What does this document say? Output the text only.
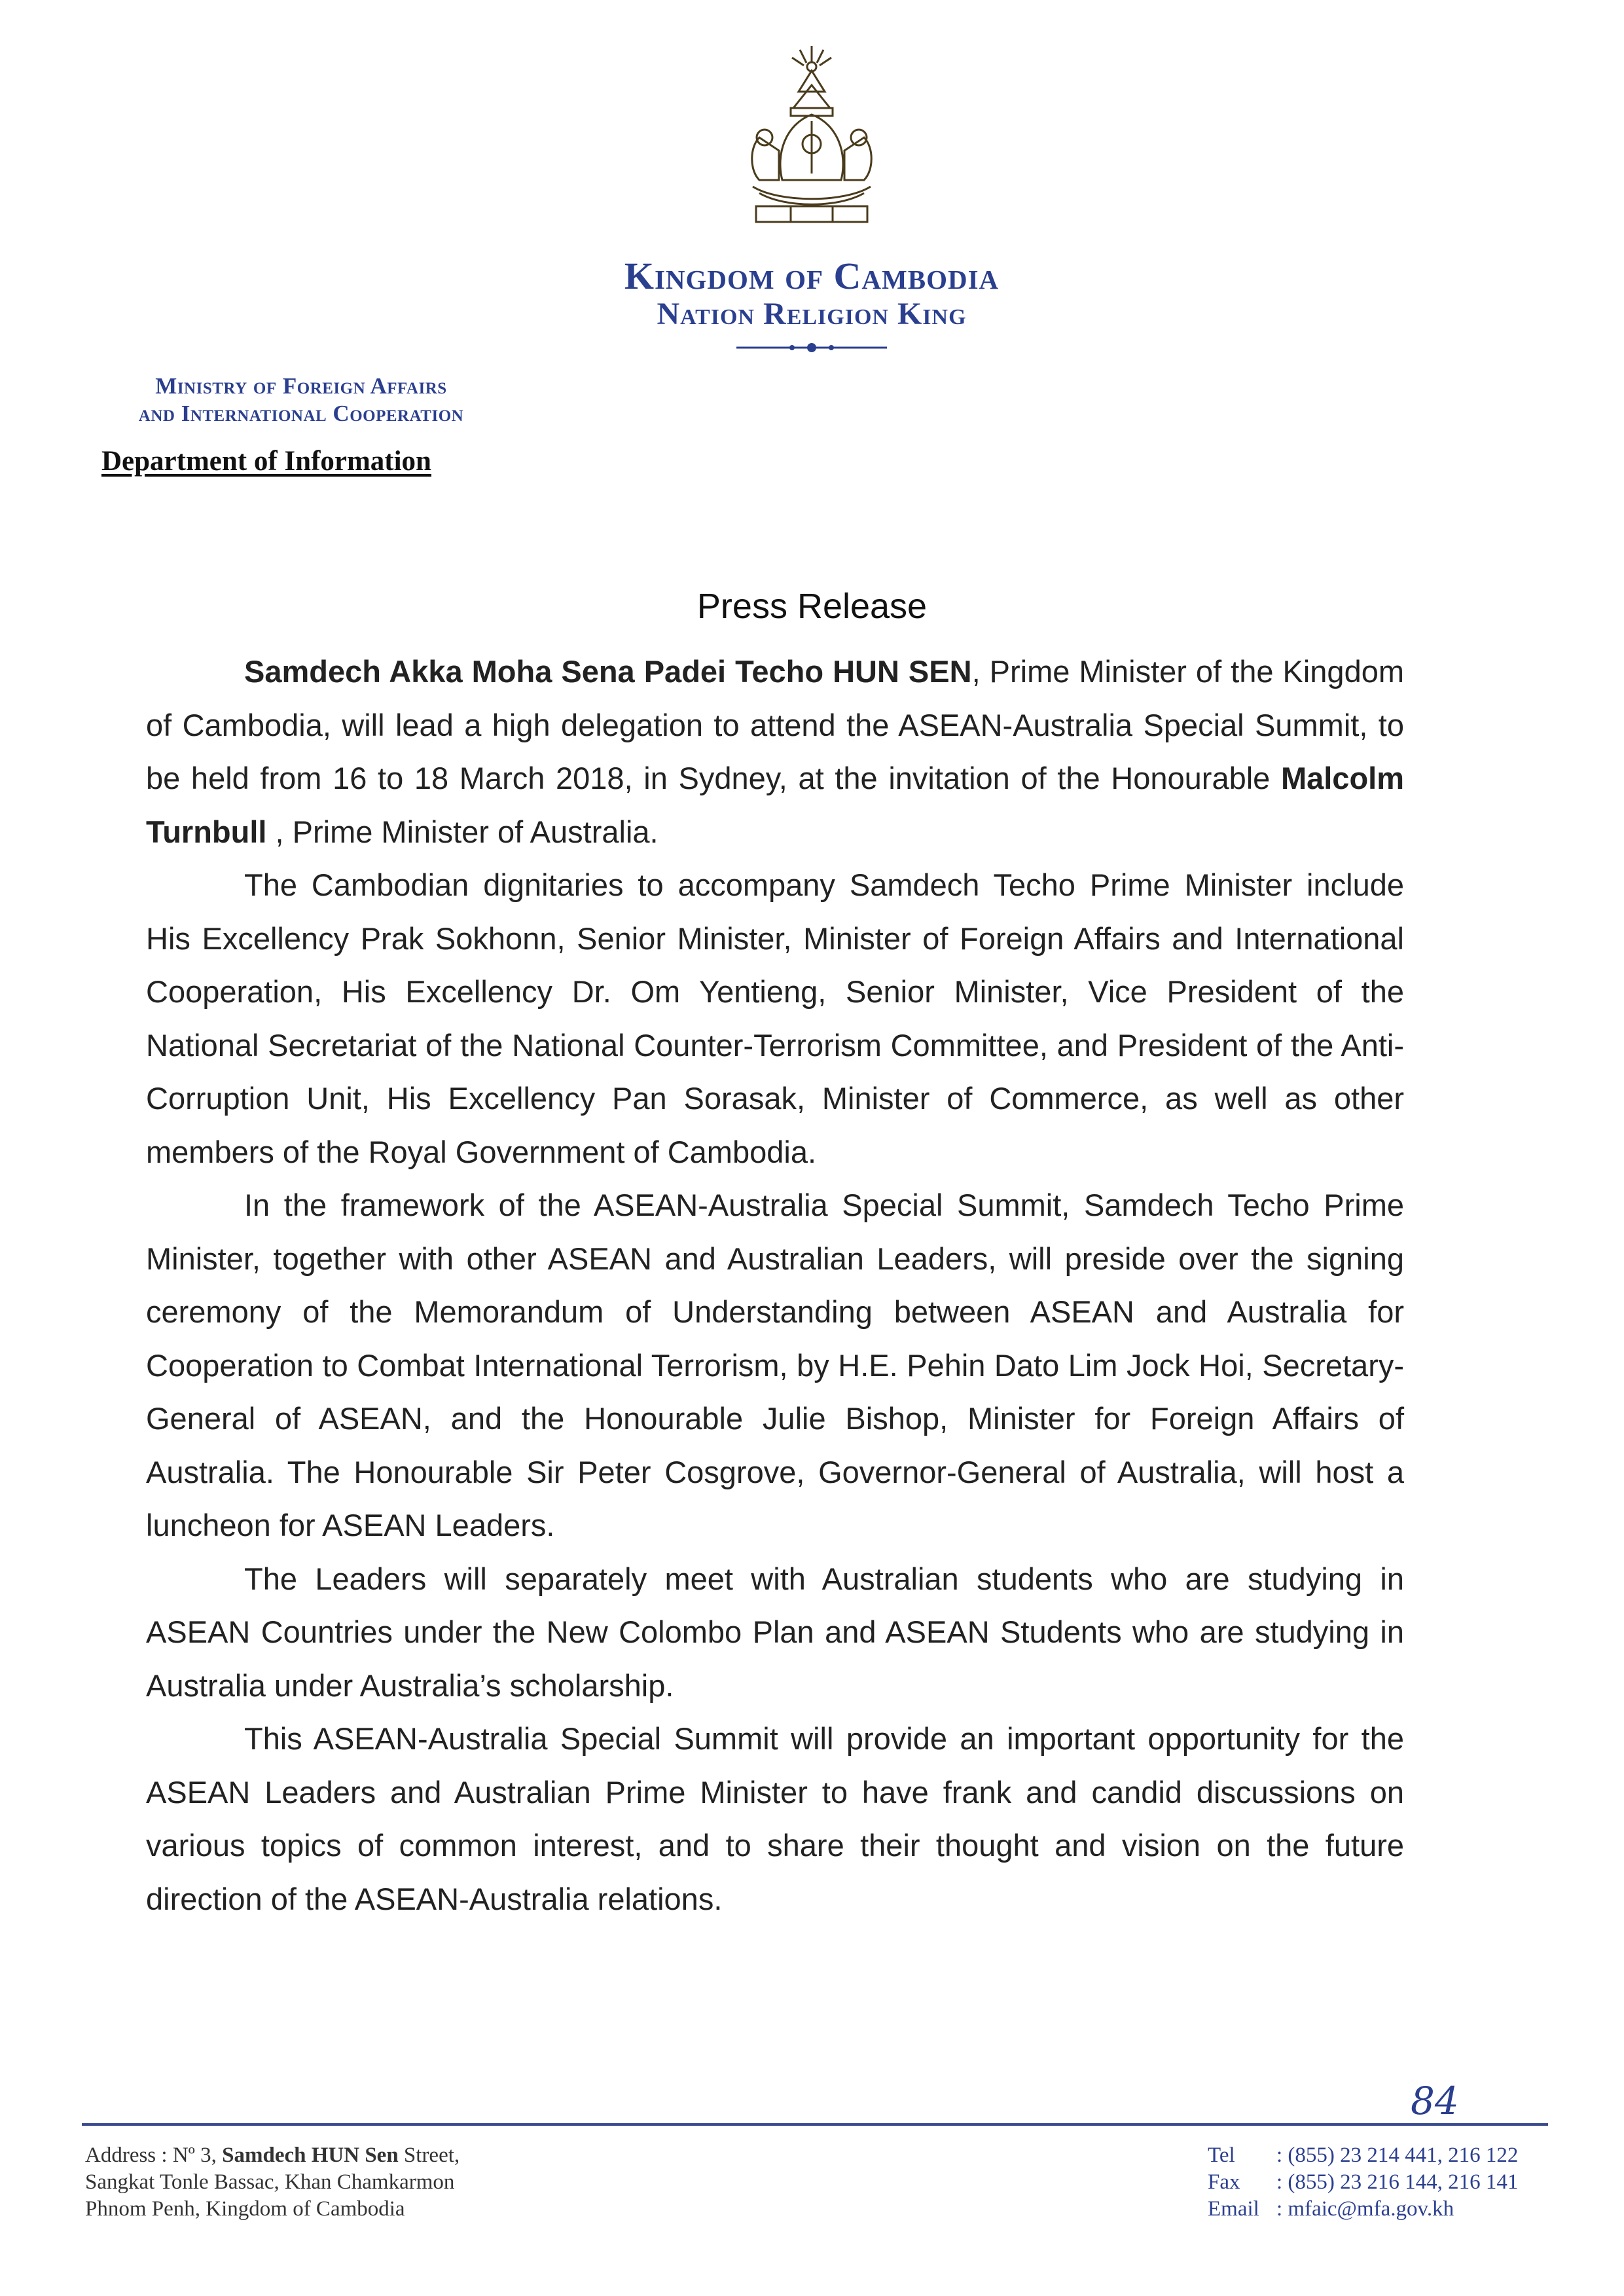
Kingdom of Cambodia
Nation Religion King
Ministry of Foreign Affairs
and International Cooperation
Department of Information
Press Release

Samdech Akka Moha Sena Padei Techo HUN SEN, Prime Minister of the Kingdom of Cambodia, will lead a high delegation to attend the ASEAN-Australia Special Summit, to be held from 16 to 18 March 2018, in Sydney, at the invitation of the Honourable Malcolm Turnbull , Prime Minister of Australia.

The Cambodian dignitaries to accompany Samdech Techo Prime Minister include His Excellency Prak Sokhonn, Senior Minister, Minister of Foreign Affairs and International Cooperation, His Excellency Dr. Om Yentieng, Senior Minister, Vice President of the National Secretariat of the National Counter-Terrorism Committee, and President of the Anti-Corruption Unit, His Excellency Pan Sorasak, Minister of Commerce, as well as other members of the Royal Government of Cambodia.

In the framework of the ASEAN-Australia Special Summit, Samdech Techo Prime Minister, together with other ASEAN and Australian Leaders, will preside over the signing ceremony of the Memorandum of Understanding between ASEAN and Australia for Cooperation to Combat International Terrorism, by H.E. Pehin Dato Lim Jock Hoi, Secretary-General of ASEAN, and the Honourable Julie Bishop, Minister for Foreign Affairs of Australia. The Honourable Sir Peter Cosgrove, Governor-General of Australia, will host a luncheon for ASEAN Leaders.

The Leaders will separately meet with Australian students who are studying in ASEAN Countries under the New Colombo Plan and ASEAN Students who are studying in Australia under Australia’s scholarship.

This ASEAN-Australia Special Summit will provide an important opportunity for the ASEAN Leaders and Australian Prime Minister to have frank and candid discussions on various topics of common interest, and to share their thought and vision on the future direction of the ASEAN-Australia relations.

84
Address : Nº 3, Samdech HUN Sen Street,
Sangkat Tonle Bassac, Khan Chamkarmon
Phnom Penh, Kingdom of Cambodia
Tel : (855) 23 214 441, 216 122
Fax : (855) 23 216 144, 216 141
Email : mfaic@mfa.gov.kh
